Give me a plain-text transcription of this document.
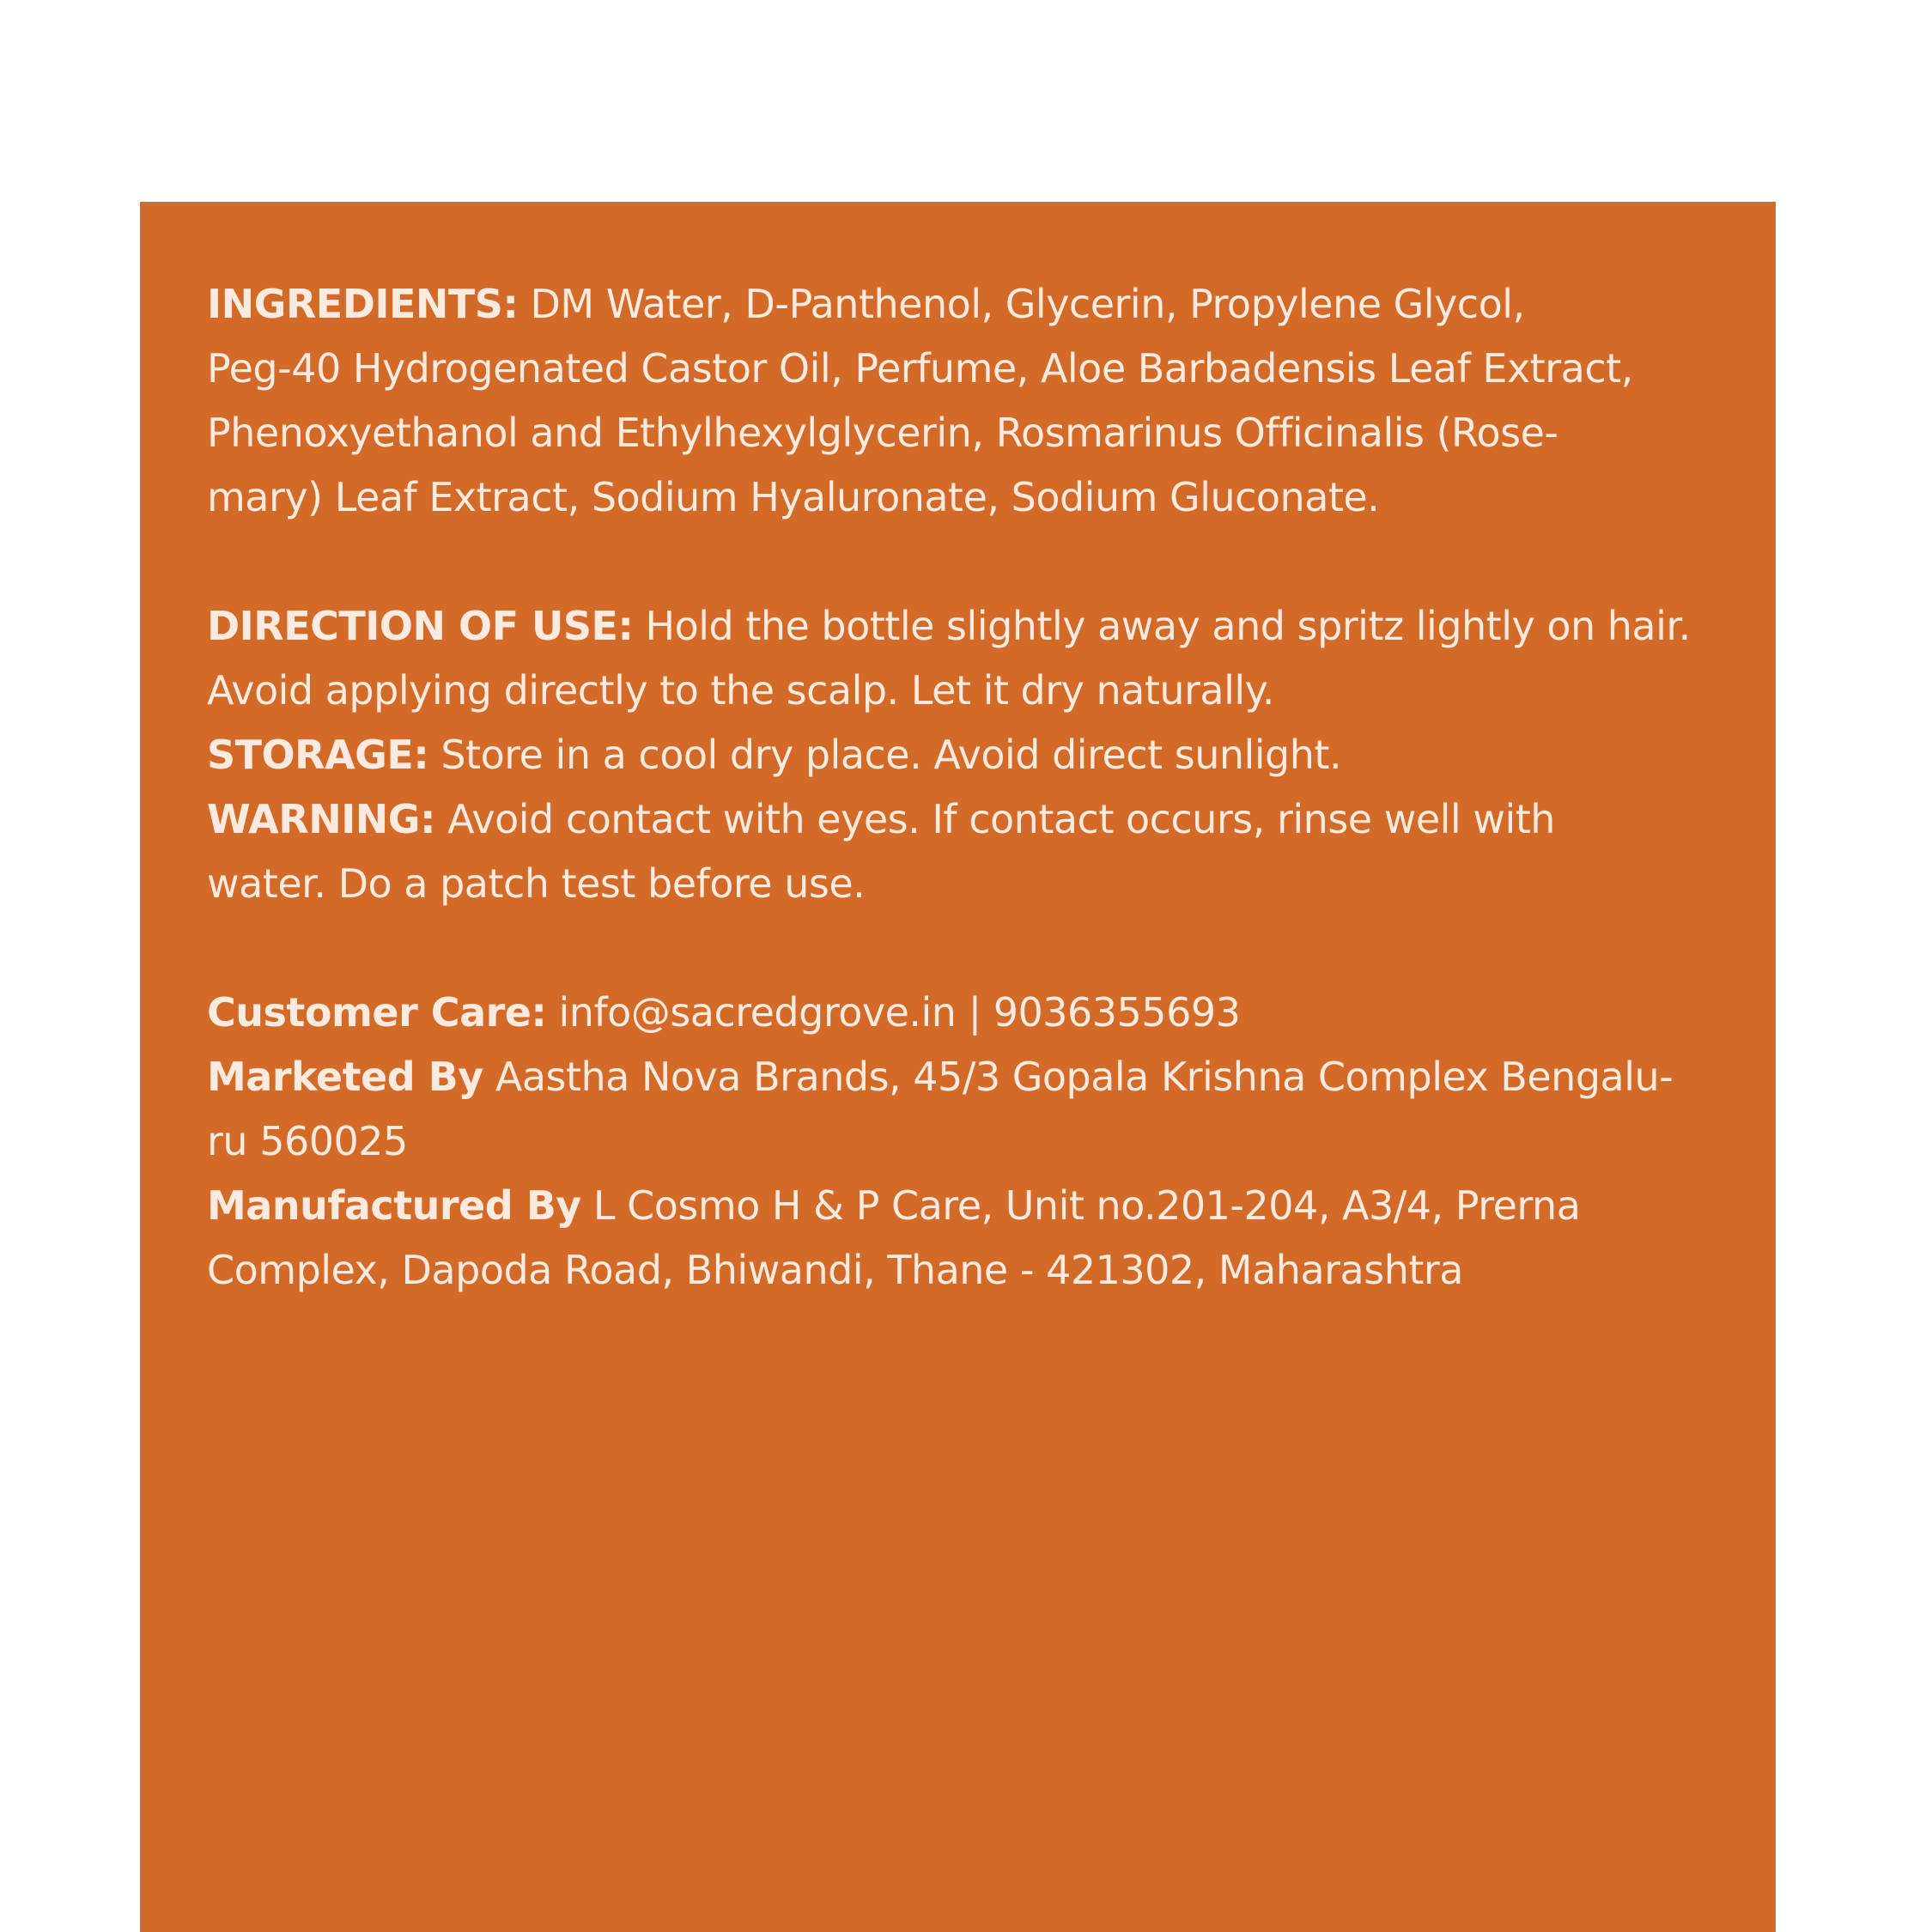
INGREDIENTS: DM Water, D-Panthenol, Glycerin, Propylene Glycol,
Peg-40 Hydrogenated Castor Oil, Perfume, Aloe Barbadensis Leaf Extract,
Phenoxyethanol and Ethylhexylglycerin, Rosmarinus Officinalis (Rose-
mary) Leaf Extract, Sodium Hyaluronate, Sodium Gluconate.
DIRECTION OF USE: Hold the bottle slightly away and spritz lightly on hair.
Avoid applying directly to the scalp. Let it dry naturally.
STORAGE: Store in a cool dry place. Avoid direct sunlight.
WARNING: Avoid contact with eyes. If contact occurs, rinse well with
water. Do a patch test before use.
Customer Care: info@sacredgrove.in | 9036355693
Marketed By Aastha Nova Brands, 45/3 Gopala Krishna Complex Bengalu-
ru 560025
Manufactured By L Cosmo H & P Care, Unit no.201-204, A3/4, Prerna
Complex, Dapoda Road, Bhiwandi, Thane - 421302, Maharashtra
